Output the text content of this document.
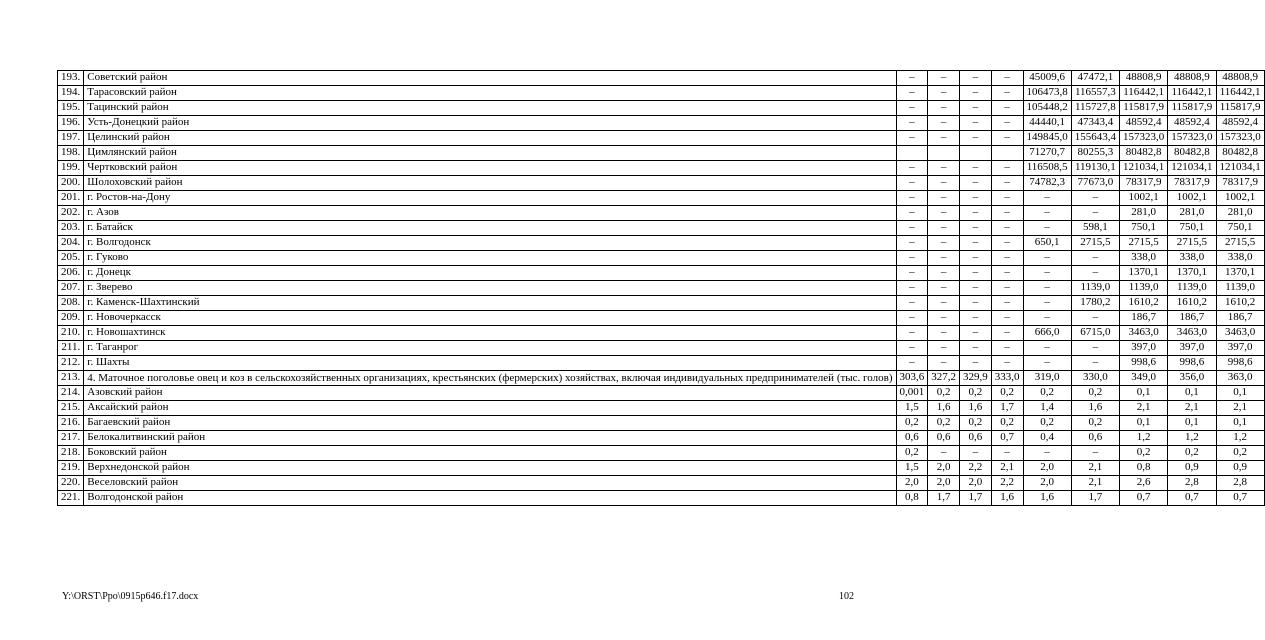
193.	Советский район	–	–	–	–	45009,6	47472,1	48808,9	48808,9	48808,9
194.	Тарасовский район	–	–	–	–	106473,8	116557,3	116442,1	116442,1	116442,1
195.	Тацинский район	–	–	–	–	105448,2	115727,8	115817,9	115817,9	115817,9
196.	Усть-Донецкий район	–	–	–	–	44440,1	47343,4	48592,4	48592,4	48592,4
197.	Целинский район	–	–	–	–	149845,0	155643,4	157323,0	157323,0	157323,0
198.	Цимлянский район					71270,7	80255,3	80482,8	80482,8	80482,8
199.	Чертковский район	–	–	–	–	116508,5	119130,1	121034,1	121034,1	121034,1
200.	Шолоховский район	–	–	–	–	74782,3	77673,0	78317,9	78317,9	78317,9
201.	г. Ростов-на-Дону	–	–	–	–	–	–	1002,1	1002,1	1002,1
202.	г. Азов	–	–	–	–	–	–	281,0	281,0	281,0
203.	г. Батайск	–	–	–	–	–	598,1	750,1	750,1	750,1
204.	г. Волгодонск	–	–	–	–	650,1	2715,5	2715,5	2715,5	2715,5
205.	г. Гуково	–	–	–	–	–	–	338,0	338,0	338,0
206.	г. Донецк	–	–	–	–	–	–	1370,1	1370,1	1370,1
207.	г. Зверево	–	–	–	–	–	1139,0	1139,0	1139,0	1139,0
208.	г. Каменск-Шахтинский	–	–	–	–	–	1780,2	1610,2	1610,2	1610,2
209.	г. Новочеркасск	–	–	–	–	–	–	186,7	186,7	186,7
210.	г. Новошахтинск	–	–	–	–	666,0	6715,0	3463,0	3463,0	3463,0
211.	г. Таганрог	–	–	–	–	–	–	397,0	397,0	397,0
212.	г. Шахты	–	–	–	–	–	–	998,6	998,6	998,6
213.	4. Маточное поголовье овец и коз в сельскохозяйственных организациях, крестьянских (фермерских) хозяйствах, включая индивидуальных предпринимателей (тыс. голов)	303,6	327,2	329,9	333,0	319,0	330,0	349,0	356,0	363,0
214.	Азовский район	0,001	0,2	0,2	0,2	0,2	0,2	0,1	0,1	0,1
215.	Аксайский район	1,5	1,6	1,6	1,7	1,4	1,6	2,1	2,1	2,1
216.	Багаевский район	0,2	0,2	0,2	0,2	0,2	0,2	0,1	0,1	0,1
217.	Белокалитвинский район	0,6	0,6	0,6	0,7	0,4	0,6	1,2	1,2	1,2
218.	Боковский район	0,2	–	–	–	–	–	0,2	0,2	0,2
219.	Верхнедонской район	1,5	2,0	2,2	2,1	2,0	2,1	0,8	0,9	0,9
220.	Веселовский район	2,0	2,0	2,0	2,2	2,0	2,1	2,6	2,8	2,8
221.	Волгодонской район	0,8	1,7	1,7	1,6	1,6	1,7	0,7	0,7	0,7
Y:\ORST\Ppo\0915p646.f17.docx	102
